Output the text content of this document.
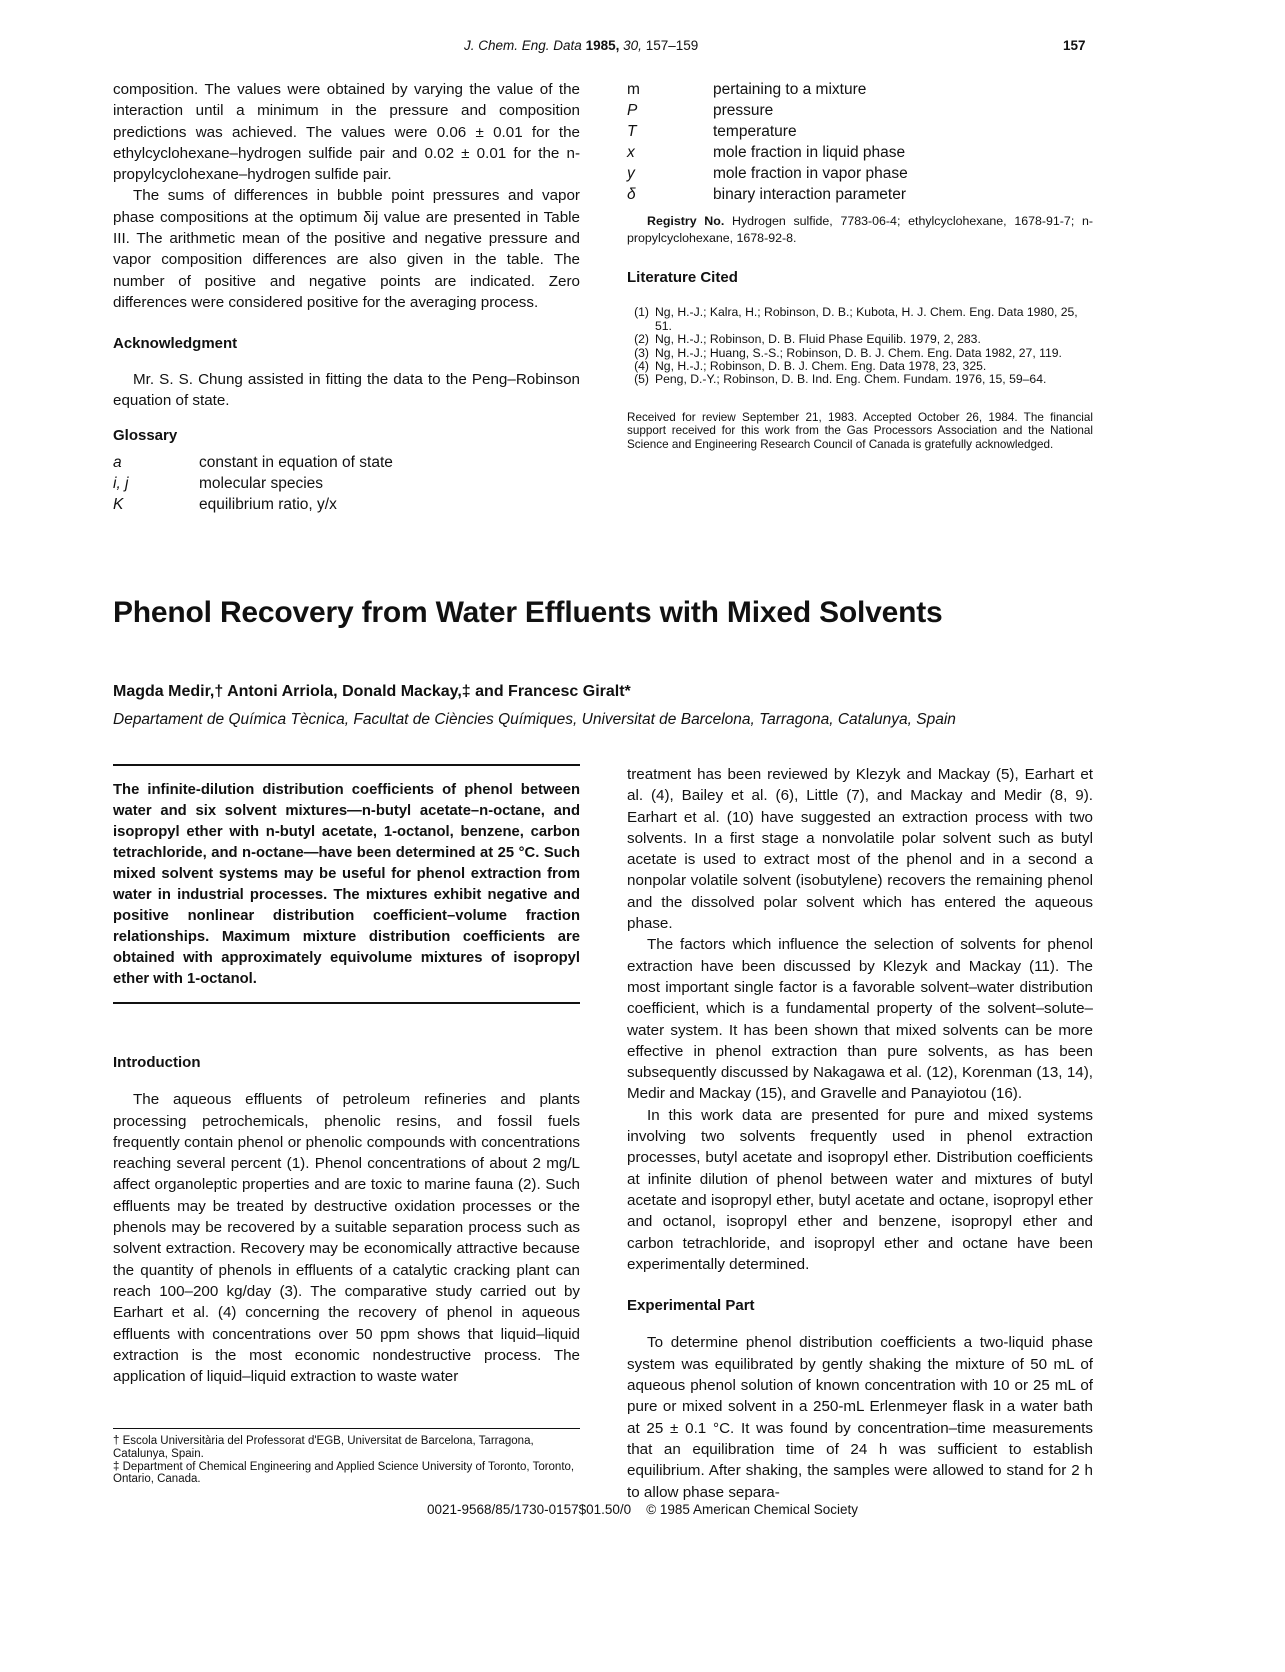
J. Chem. Eng. Data 1985, 30, 157–159	157

composition. The values were obtained by varying the value of the interaction until a minimum in the pressure and composition predictions was achieved. The values were 0.06 ± 0.01 for the ethylcyclohexane–hydrogen sulfide pair and 0.02 ± 0.01 for the n-propylcyclohexane–hydrogen sulfide pair.

The sums of differences in bubble point pressures and vapor phase compositions at the optimum δij value are presented in Table III. The arithmetic mean of the positive and negative pressure and vapor composition differences are also given in the table. The number of positive and negative points are indicated. Zero differences were considered positive for the averaging process.

Acknowledgment

Mr. S. S. Chung assisted in fitting the data to the Peng–Robinson equation of state.

Glossary
a	constant in equation of state
i, j	molecular species
K	equilibrium ratio, y/x
m	pertaining to a mixture
P	pressure
T	temperature
x	mole fraction in liquid phase
y	mole fraction in vapor phase
δ	binary interaction parameter

Registry No. Hydrogen sulfide, 7783-06-4; ethylcyclohexane, 1678-91-7; n-propylcyclohexane, 1678-92-8.

Literature Cited
(1) Ng, H.-J.; Kalra, H.; Robinson, D. B.; Kubota, H. J. Chem. Eng. Data 1980, 25, 51.
(2) Ng, H.-J.; Robinson, D. B. Fluid Phase Equilib. 1979, 2, 283.
(3) Ng, H.-J.; Huang, S.-S.; Robinson, D. B. J. Chem. Eng. Data 1982, 27, 119.
(4) Ng, H.-J.; Robinson, D. B. J. Chem. Eng. Data 1978, 23, 325.
(5) Peng, D.-Y.; Robinson, D. B. Ind. Eng. Chem. Fundam. 1976, 15, 59–64.

Received for review September 21, 1983. Accepted October 26, 1984. The financial support received for this work from the Gas Processors Association and the National Science and Engineering Research Council of Canada is gratefully acknowledged.

Phenol Recovery from Water Effluents with Mixed Solvents
Magda Medir,† Antoni Arriola, Donald Mackay,‡ and Francesc Giralt*
Departament de Química Tècnica, Facultat de Ciències Químiques, Universitat de Barcelona, Tarragona, Catalunya, Spain

The infinite-dilution distribution coefficients of phenol between water and six solvent mixtures—n-butyl acetate–n-octane, and isopropyl ether with n-butyl acetate, 1-octanol, benzene, carbon tetrachloride, and n-octane—have been determined at 25 °C. Such mixed solvent systems may be useful for phenol extraction from water in industrial processes. The mixtures exhibit negative and positive nonlinear distribution coefficient–volume fraction relationships. Maximum mixture distribution coefficients are obtained with approximately equivolume mixtures of isopropyl ether with 1-octanol.

Introduction

The aqueous effluents of petroleum refineries and plants processing petrochemicals, phenolic resins, and fossil fuels frequently contain phenol or phenolic compounds with concentrations reaching several percent (1). Phenol concentrations of about 2 mg/L affect organoleptic properties and are toxic to marine fauna (2). Such effluents may be treated by destructive oxidation processes or the phenols may be recovered by a suitable separation process such as solvent extraction. Recovery may be economically attractive because the quantity of phenols in effluents of a catalytic cracking plant can reach 100–200 kg/day (3). The comparative study carried out by Earhart et al. (4) concerning the recovery of phenol in aqueous effluents with concentrations over 50 ppm shows that liquid–liquid extraction is the most economic nondestructive process. The application of liquid–liquid extraction to waste water

† Escola Universitària del Professorat d'EGB, Universitat de Barcelona, Tarragona, Catalunya, Spain.
‡ Department of Chemical Engineering and Applied Science University of Toronto, Toronto, Ontario, Canada.

treatment has been reviewed by Klezyk and Mackay (5), Earhart et al. (4), Bailey et al. (6), Little (7), and Mackay and Medir (8, 9). Earhart et al. (10) have suggested an extraction process with two solvents. In a first stage a nonvolatile polar solvent such as butyl acetate is used to extract most of the phenol and in a second a nonpolar volatile solvent (isobutylene) recovers the remaining phenol and the dissolved polar solvent which has entered the aqueous phase.

The factors which influence the selection of solvents for phenol extraction have been discussed by Klezyk and Mackay (11). The most important single factor is a favorable solvent–water distribution coefficient, which is a fundamental property of the solvent–solute–water system. It has been shown that mixed solvents can be more effective in phenol extraction than pure solvents, as has been subsequently discussed by Nakagawa et al. (12), Korenman (13, 14), Medir and Mackay (15), and Gravelle and Panayiotou (16).

In this work data are presented for pure and mixed systems involving two solvents frequently used in phenol extraction processes, butyl acetate and isopropyl ether. Distribution coefficients at infinite dilution of phenol between water and mixtures of butyl acetate and isopropyl ether, butyl acetate and octane, isopropyl ether and octanol, isopropyl ether and benzene, isopropyl ether and carbon tetrachloride, and isopropyl ether and octane have been experimentally determined.

Experimental Part

To determine phenol distribution coefficients a two-liquid phase system was equilibrated by gently shaking the mixture of 50 mL of aqueous phenol solution of known concentration with 10 or 25 mL of pure or mixed solvent in a 250-mL Erlenmeyer flask in a water bath at 25 ± 0.1 °C. It was found by concentration–time measurements that an equilibration time of 24 h was sufficient to establish equilibrium. After shaking, the samples were allowed to stand for 2 h to allow phase separa-

0021-9568/85/1730-0157$01.50/0 © 1985 American Chemical Society
